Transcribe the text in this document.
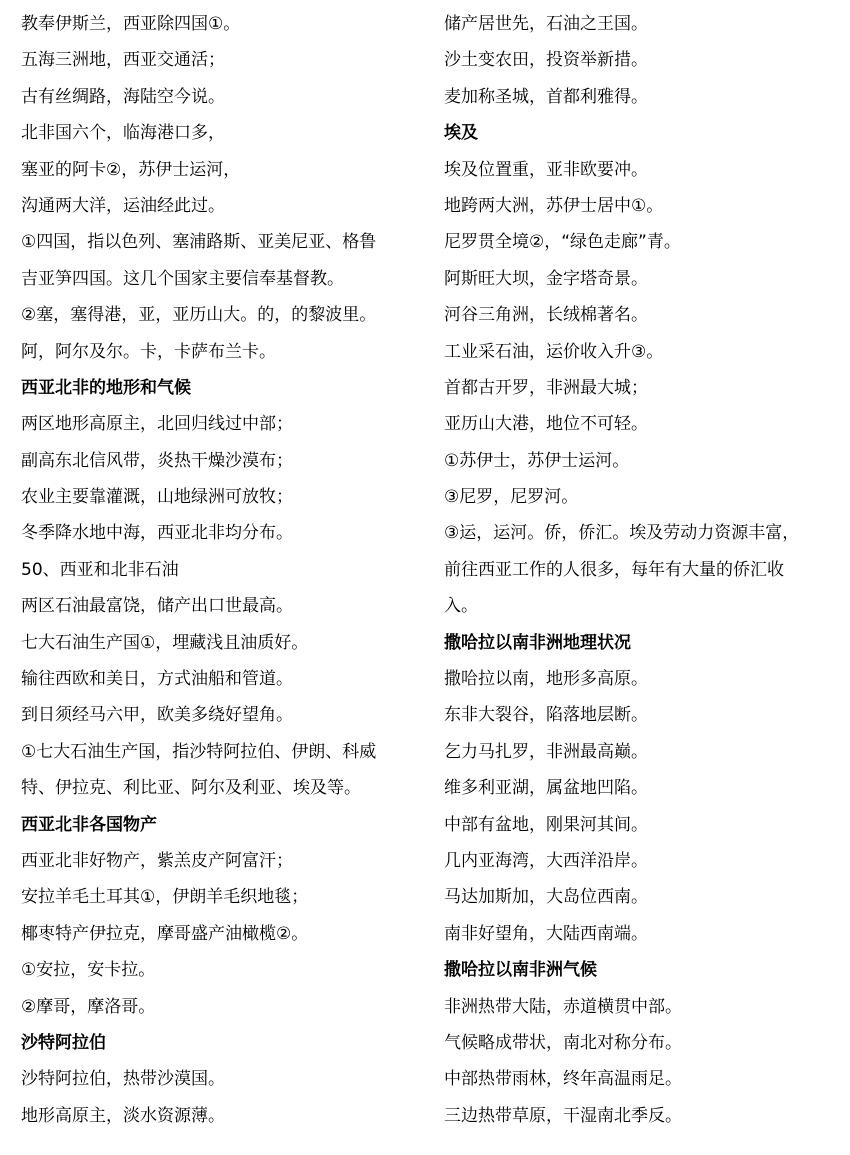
教奉伊斯兰，西亚除四国①。
五海三洲地，西亚交通活；
古有丝绸路，海陆空今说。
北非国六个，临海港口多，
塞亚的阿卡②，苏伊士运河，
沟通两大洋，运油经此过。
①四国，指以色列、塞浦路斯、亚美尼亚、格鲁
吉亚笋四国。这几个国家主要信奉基督教。
②塞，塞得港，亚，亚历山大。的，的黎波里。
阿，阿尔及尔。卡，卡萨布兰卡。
西亚北非的地形和气候
两区地形高原主，北回归线过中部；
副高东北信风带，炎热干燥沙漠布；
农业主要靠灌溉，山地绿洲可放牧；
冬季降水地中海，西亚北非均分布。
50、西亚和北非石油
两区石油最富饶，储产出口世最高。
七大石油生产国①，埋藏浅且油质好。
输往西欧和美日，方式油船和管道。
到日须经马六甲，欧美多绕好望角。
①七大石油生产国，指沙特阿拉伯、伊朗、科威
特、伊拉克、利比亚、阿尔及利亚、埃及等。
西亚北非各国物产
西亚北非好物产，紫羔皮产阿富汗；
安拉羊毛土耳其①，伊朗羊毛织地毯；
椰枣特产伊拉克，摩哥盛产油橄榄②。
①安拉，安卡拉。
②摩哥，摩洛哥。
沙特阿拉伯
沙特阿拉伯，热带沙漠国。
地形高原主，淡水资源薄。
储产居世先，石油之王国。
沙土变农田，投资举新措。
麦加称圣城，首都利雅得。
埃及
埃及位置重，亚非欧要冲。
地跨两大洲，苏伊士居中①。
尼罗贯全境②，“绿色走廊”青。
阿斯旺大坝，金字塔奇景。
河谷三角洲，长绒棉著名。
工业采石油，运价收入升③。
首都古开罗，非洲最大城；
亚历山大港，地位不可轻。
①苏伊士，苏伊士运河。
③尼罗，尼罗河。
③运，运河。侨，侨汇。埃及劳动力资源丰富，
前往西亚工作的人很多，每年有大量的侨汇收
入。
撒哈拉以南非洲地理状况
撒哈拉以南，地形多高原。
东非大裂谷，陷落地层断。
乞力马扎罗，非洲最高巅。
维多利亚湖，属盆地凹陷。
中部有盆地，刚果河其间。
几内亚海湾，大西洋沿岸。
马达加斯加，大岛位西南。
南非好望角，大陆西南端。
撒哈拉以南非洲气候
非洲热带大陆，赤道横贯中部。
气候略成带状，南北对称分布。
中部热带雨林，终年高温雨足。
三边热带草原，干湿南北季反。
